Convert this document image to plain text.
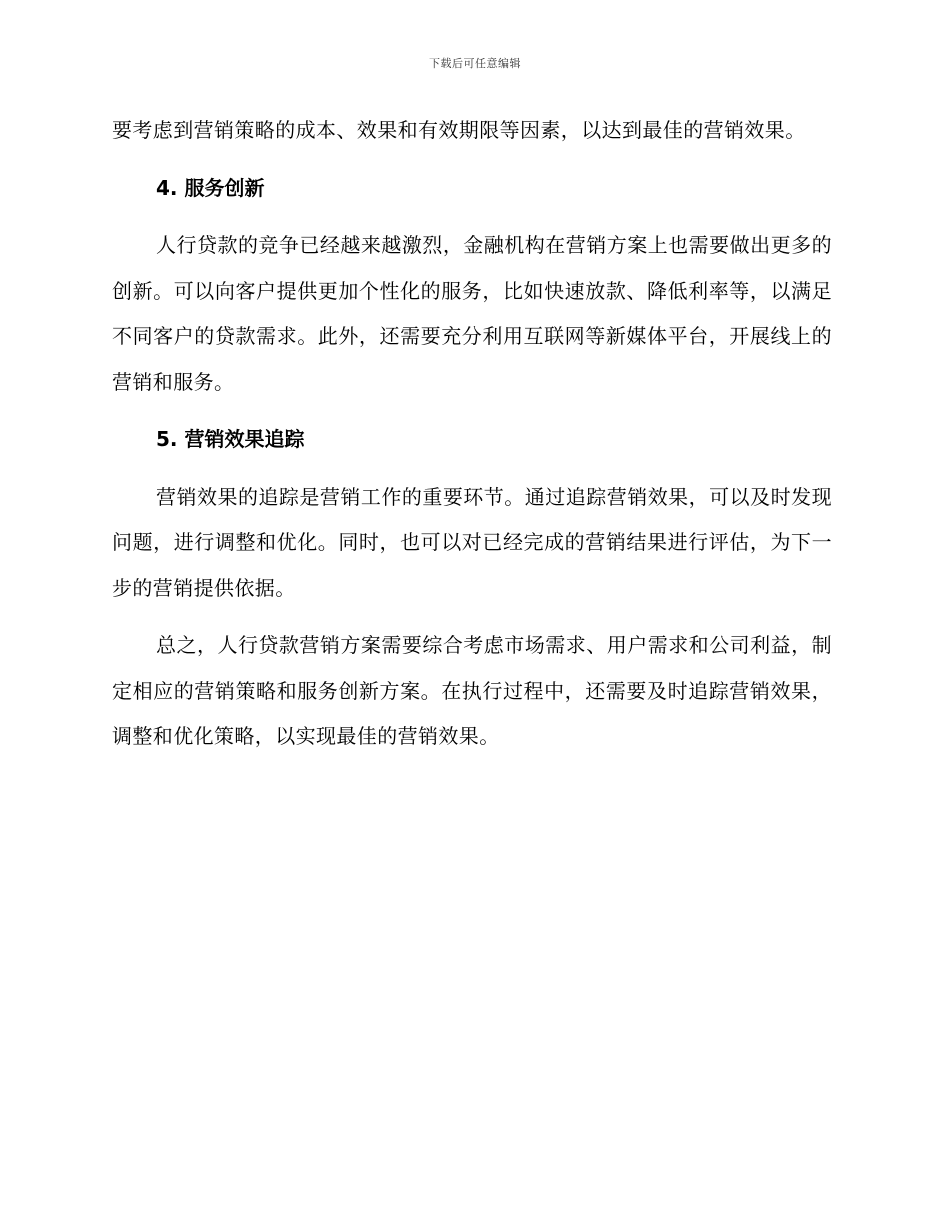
下载后可任意编辑

要考虑到营销策略的成本、效果和有效期限等因素，以达到最佳的营销效果。

4. 服务创新

人行贷款的竞争已经越来越激烈，金融机构在营销方案上也需要做出更多的创新。可以向客户提供更加个性化的服务，比如快速放款、降低利率等，以满足不同客户的贷款需求。此外，还需要充分利用互联网等新媒体平台，开展线上的营销和服务。

5. 营销效果追踪

营销效果的追踪是营销工作的重要环节。通过追踪营销效果，可以及时发现问题，进行调整和优化。同时，也可以对已经完成的营销结果进行评估，为下一步的营销提供依据。

总之，人行贷款营销方案需要综合考虑市场需求、用户需求和公司利益，制定相应的营销策略和服务创新方案。在执行过程中，还需要及时追踪营销效果，调整和优化策略，以实现最佳的营销效果。
